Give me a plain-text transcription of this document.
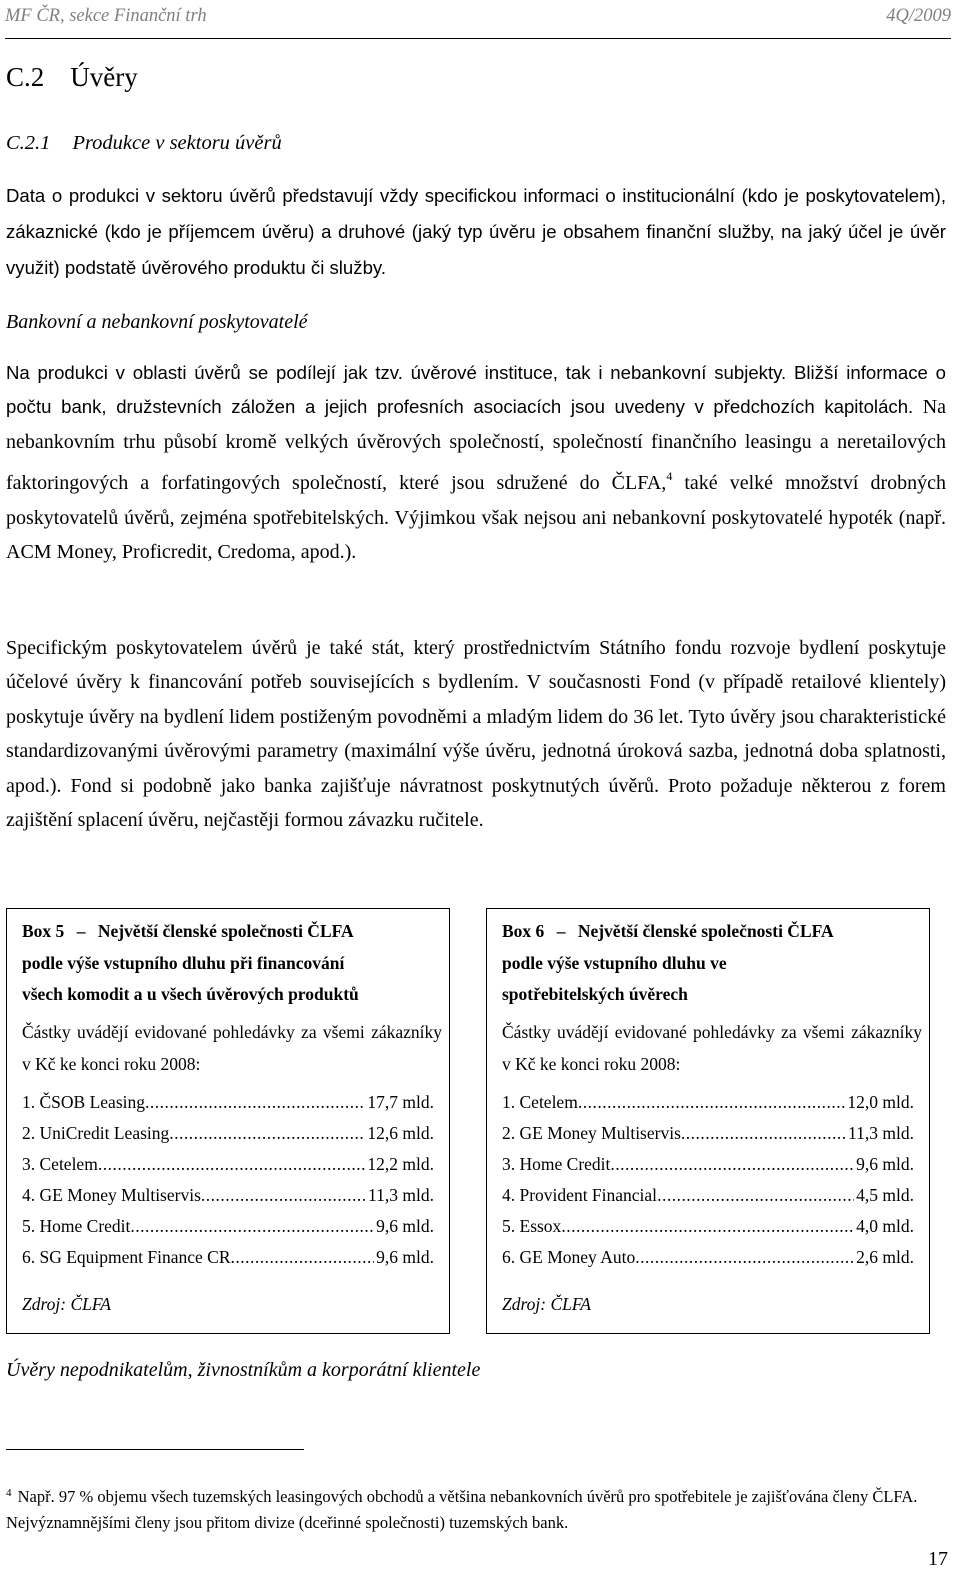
MF ČR, sekce Finanční trh	4Q/2009
C.2 Úvěry
C.2.1 Produkce v sektoru úvěrů

Data o produkci v sektoru úvěrů představují vždy specifickou informaci o institucionální (kdo je poskytovatelem), zákaznické (kdo je příjemcem úvěru) a druhové (jaký typ úvěru je obsahem finanční služby, na jaký účel je úvěr využit) podstatě úvěrového produktu či služby.

Bankovní a nebankovní poskytovatelé

Na produkci v oblasti úvěrů se podílejí jak tzv. úvěrové instituce, tak i nebankovní subjekty. Bližší informace o počtu bank, družstevních záložen a jejich profesních asociacích jsou uvedeny v předchozích kapitolách. Na nebankovním trhu působí kromě velkých úvěrových společností, společností finančního leasingu a neretailových faktoringových a forfatingových společností, které jsou sdružené do ČLFA,$^4$ také velké množství drobných poskytovatelů úvěrů, zejména spotřebitelských. Výjimkou však nejsou ani nebankovní poskytovatelé hypoték (např. ACM Money, Proficredit, Credoma, apod.).

Specifickým poskytovatelem úvěrů je také stát, který prostřednictvím Státního fondu rozvoje bydlení poskytuje účelové úvěry k financování potřeb souvisejících s bydlením. V současnosti Fond (v případě retailové klientely) poskytuje úvěry na bydlení lidem postiženým povodněmi a mladým lidem do 36 let. Tyto úvěry jsou charakteristické standardizovanými úvěrovými parametry (maximální výše úvěru, jednotná úroková sazba, jednotná doba splatnosti, apod.). Fond si podobně jako banka zajišťuje návratnost poskytnutých úvěrů. Proto požaduje některou z forem zajištění splacení úvěru, nejčastěji formou závazku ručitele.

Box 5 – Největší členské společnosti ČLFA
podle výše vstupního dluhu při financování
všech komodit a u všech úvěrových produktů
Částky uvádějí evidované pohledávky za všemi zákazníky v Kč ke konci roku 2008:
1. ČSOB Leasing .....	17,7 mld.
2. UniCredit Leasing .....	12,6 mld.
3. Cetelem .....	12,2 mld.
4. GE Money Multiservis .....	11,3 mld.
5. Home Credit .....	9,6 mld.
6. SG Equipment Finance CR .....	9,6 mld.
Zdroj: ČLFA
Box 6 – Největší členské společnosti ČLFA
podle výše vstupního dluhu ve
spotřebitelských úvěrech
Částky uvádějí evidované pohledávky za všemi zákazníky v Kč ke konci roku 2008:
1. Cetelem .....	12,0 mld.
2. GE Money Multiservis .....	11,3 mld.
3. Home Credit .....	9,6 mld.
4. Provident Financial .....	4,5 mld.
5. Essox .....	4,0 mld.
6. GE Money Auto .....	2,6 mld.
Zdroj: ČLFA
Úvěry nepodnikatelům, živnostníkům a korporátní klientele
$^4$ Např. 97 % objemu všech tuzemských leasingových obchodů a většina nebankovních úvěrů pro spotřebitele je zajišťována členy ČLFA. Nejvýznamnějšími členy jsou přitom divize (dceřinné společnosti) tuzemských bank.
17
